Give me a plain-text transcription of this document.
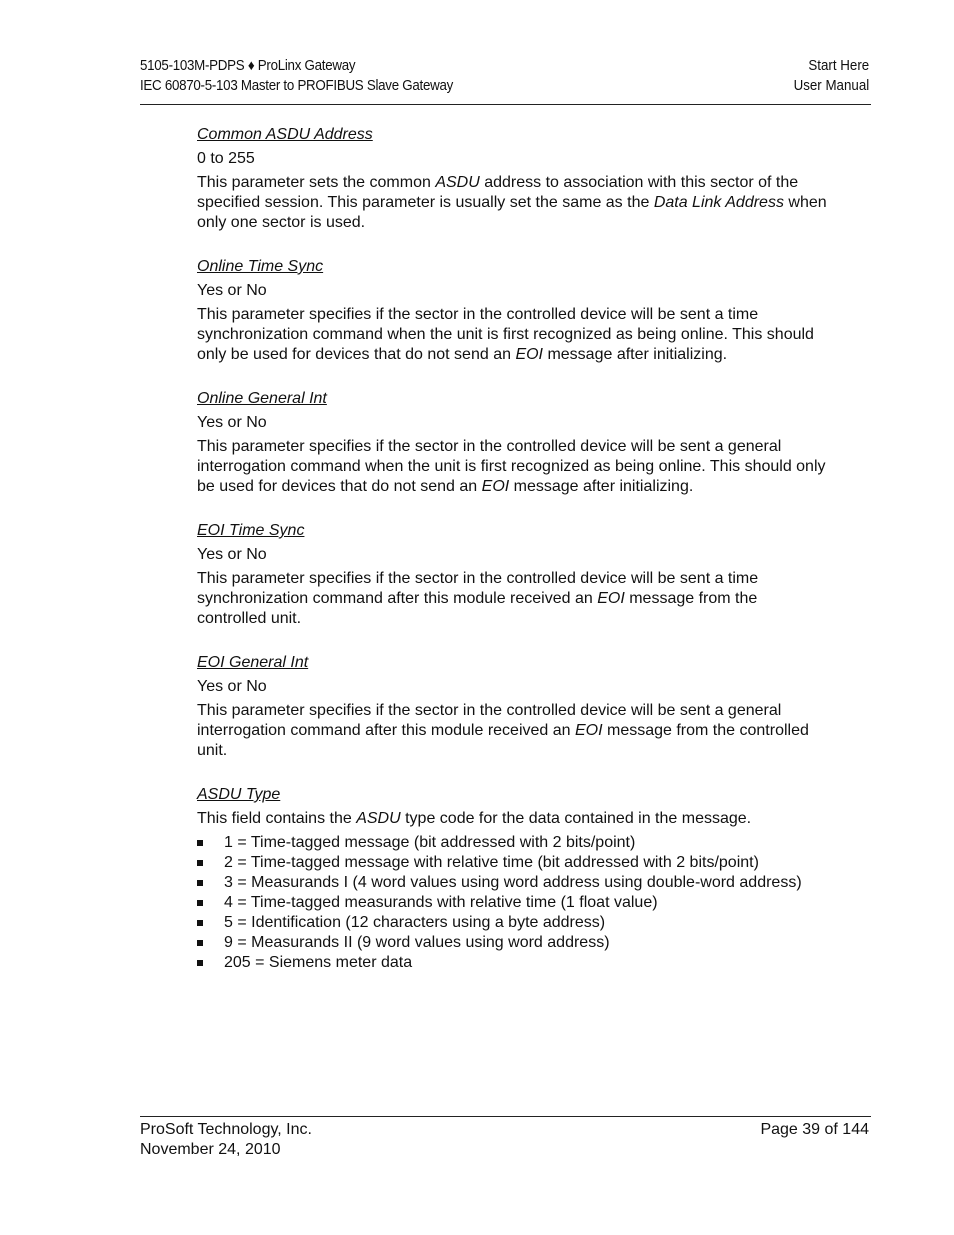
5105-103M-PDPS ♦ ProLinx Gateway
IEC 60870-5-103 Master to PROFIBUS Slave Gateway
Start Here
User Manual
Common ASDU Address
0 to 255

This parameter sets the common ASDU address to association with this sector of the specified session. This parameter is usually set the same as the Data Link Address when only one sector is used.

Online Time Sync
Yes or No

This parameter specifies if the sector in the controlled device will be sent a time synchronization command when the unit is first recognized as being online. This should only be used for devices that do not send an EOI message after initializing.

Online General Int
Yes or No

This parameter specifies if the sector in the controlled device will be sent a general interrogation command when the unit is first recognized as being online. This should only be used for devices that do not send an EOI message after initializing.

EOI Time Sync
Yes or No

This parameter specifies if the sector in the controlled device will be sent a time synchronization command after this module received an EOI message from the controlled unit.

EOI General Int
Yes or No

This parameter specifies if the sector in the controlled device will be sent a general interrogation command after this module received an EOI message from the controlled unit.

ASDU Type

This field contains the ASDU type code for the data contained in the message.

1 = Time-tagged message (bit addressed with 2 bits/point)
2 = Time-tagged message with relative time (bit addressed with 2 bits/point)
3 = Measurands I (4 word values using word address using double-word address)
4 = Time-tagged measurands with relative time (1 float value)
5 = Identification (12 characters using a byte address)
9 = Measurands II (9 word values using word address)
205 = Siemens meter data
ProSoft Technology, Inc.
November 24, 2010
Page 39 of 144
